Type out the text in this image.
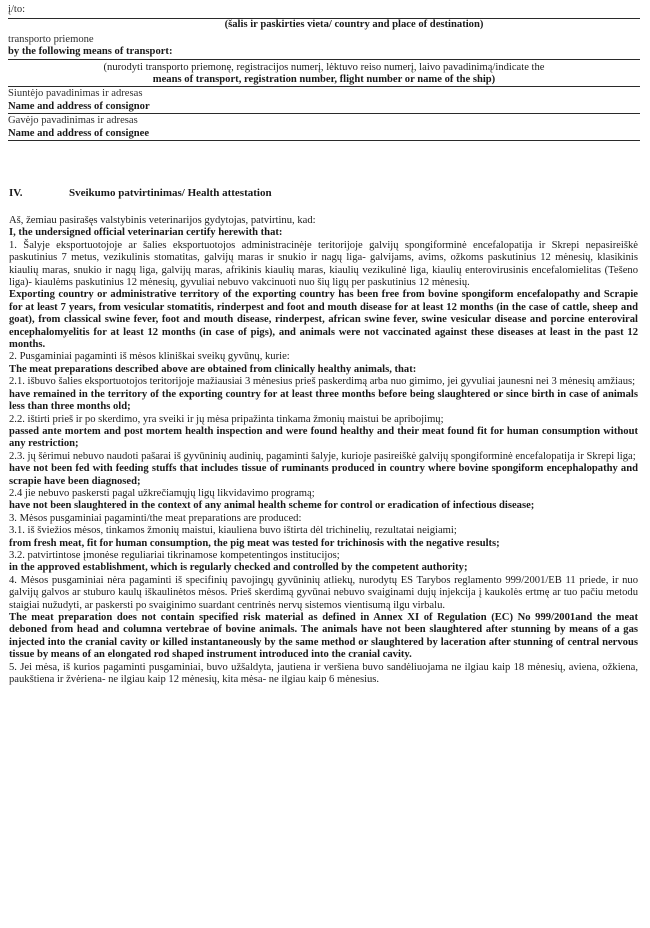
į/to:
(šalis ir paskirties vieta/ country and place of destination)
transporto priemone
by the following means of transport:
(nurodyti transporto priemonę, registracijos numerį, lėktuvo reiso numerį, laivo pavadinimą/indicate the
means of transport, registration number, flight number or name of the ship)
Siuntėjo pavadinimas ir adresas
Name and address of consignor
Gavėjo pavadinimas ir adresas
Name and address of consignee
IV.	Sveikumo patvirtinimas/ Health attestation

Aš, žemiau pasirašęs valstybinis veterinarijos gydytojas, patvirtinu, kad:

I, the undersigned official veterinarian certify herewith that:

1. Šalyje eksportuotojoje ar šalies eksportuotojos administracinėje teritorijoje galvijų spongiforminė encefalopatija ir Skrepi nepasireiškė paskutinius 7 metus, vezikulinis stomatitas, galvijų maras ir snukio ir nagų liga- galvijams, avims, ožkoms paskutinius 12 mėnesių, klasikinis kiaulių maras, snukio ir nagų liga, galvijų maras, afrikinis kiaulių maras, kiaulių vezikulinė liga, kiaulių enterovirusinis encefalomielitas (Tešeno liga)- kiaulėms paskutinius 12 mėnesių, gyvuliai nebuvo vakcinuoti nuo šių ligų per paskutinius 12 mėnesių.

Exporting country or administrative territory of the exporting country has been free from bovine spongiform encefalopathy and Scrapie for at least 7 years, from vesicular stomatitis, rinderpest and foot and mouth disease for at least 12 months (in the case of cattle, sheep and goat), from classical swine fever, foot and mouth disease, rinderpest, african swine fever, swine vesicular disease and porcine enteroviral encephalomyelitis for at least 12 months (in case of pigs), and animals were not vaccinated against these diseases at least in the past 12 months.

2. Pusgaminiai pagaminti iš mėsos kliniškai sveikų gyvūnų, kurie:

The meat preparations described above are obtained from clinically healthy animals, that:

2.1. išbuvo šalies eksportuotojos teritorijoje mažiausiai 3 mėnesius prieš paskerdimą arba nuo gimimo, jei gyvuliai jaunesni nei 3 mėnesių amžiaus;

have remained in the territory of the exporting country for at least three months before being slaughtered or since birth in case of animals less than three months old;

2.2. ištirti prieš ir po skerdimo, yra sveiki ir jų mėsa pripažinta tinkama žmonių maistui be apribojimų;

passed ante mortem and post mortem health inspection and were found healthy and their meat found fit for human consumption without any restriction;

2.3. jų šėrimui nebuvo naudoti pašarai iš gyvūninių audinių, pagaminti šalyje, kurioje pasireiškė galvijų spongiforminė encefalopatija ir Skrepi liga;

have not been fed with feeding stuffs that includes tissue of ruminants produced in country where bovine spongiform encephalopathy and scrapie have been diagnosed;

2.4 jie nebuvo paskersti pagal užkrečiamųjų ligų likvidavimo programą;

have not been slaughtered in the context of any animal health scheme for control or eradication of infectious disease;

3. Mėsos pusgaminiai pagaminti/the meat preparations are produced:

3.1. iš šviežios mėsos, tinkamos žmonių maistui, kiauliena buvo ištirta dėl trichinelių, rezultatai neigiami;

from fresh meat, fit for human consumption, the pig meat was tested for trichinosis with the negative results;

3.2. patvirtintose įmonėse reguliariai tikrinamose kompetentingos institucijos;

in the approved establishment, which is regularly checked and controlled by the competent authority;

4. Mėsos pusgaminiai nėra pagaminti iš specifinių pavojingų gyvūninių atliekų, nurodytų ES Tarybos reglamento 999/2001/EB 11 priede, ir nuo galvijų galvos ar stuburo kaulų iškaulinėtos mėsos. Prieš skerdimą gyvūnai nebuvo svaiginami dujų injekcija į kaukolės ertmę ar tuo pačiu metodu staigiai nužudyti, ar paskersti po svaiginimo suardant centrinės nervų sistemos vientisumą ilgu virbalu.

The meat preparation does not contain specified risk material as defined in Annex XI of Regulation (EC) No 999/2001and the meat deboned from head and columna vertebrae of bovine animals. The animals have not been slaughtered after stunning by means of a gas injected into the cranial cavity or killed instantaneously by the same method or slaughtered by laceration after stunning of central nervous tissue by means of an elongated rod shaped instrument introduced into the cranial cavity.

5. Jei mėsa, iš kurios pagaminti pusgaminiai, buvo užšaldyta, jautiena ir veršiena buvo sandėliuojama ne ilgiau kaip 18 mėnesių, aviena, ožkiena, paukštiena ir žvėriena- ne ilgiau kaip 12 mėnesių, kita mėsa- ne ilgiau kaip 6 mėnesius.
